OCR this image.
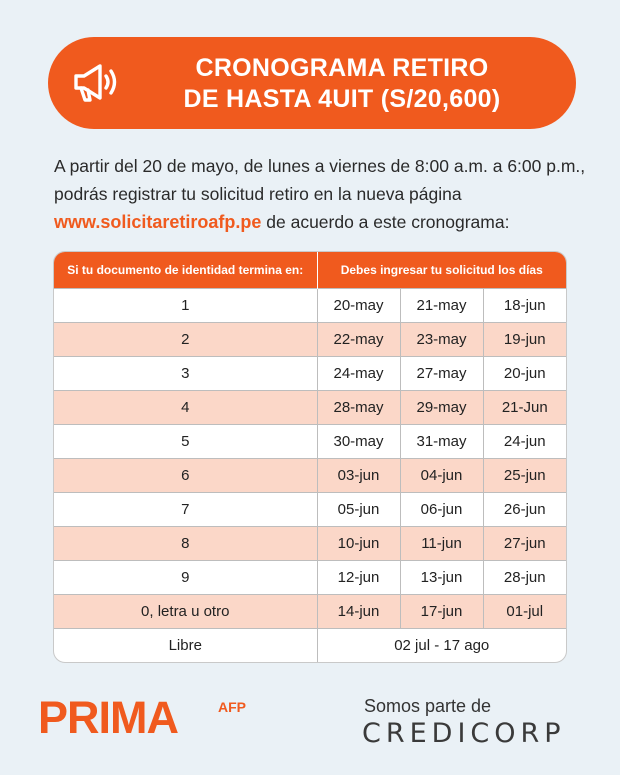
CRONOGRAMA RETIRO
DE HASTA 4UIT (S/20,600)
A partir del 20 de mayo, de lunes a viernes de 8:00 a.m. a 6:00 p.m.,
podrás registrar tu solicitud retiro en la nueva página
www.solicitaretiroafp.pe de acuerdo a este cronograma:
Si tu documento de identidad termina en:	Debes ingresar tu solicitud los días		
1	20-may	21-may	18-jun
2	22-may	23-may	19-jun
3	24-may	27-may	20-jun
4	28-may	29-may	21-Jun
5	30-may	31-may	24-jun
6	03-jun	04-jun	25-jun
7	05-jun	06-jun	26-jun
8	10-jun	11-jun	27-jun
9	12-jun	13-jun	28-jun
0, letra u otro	14-jun	17-jun	01-jul
Libre	02 jul - 17 ago		
PRIMA	AFP	Somos parte de
CREDICORP
